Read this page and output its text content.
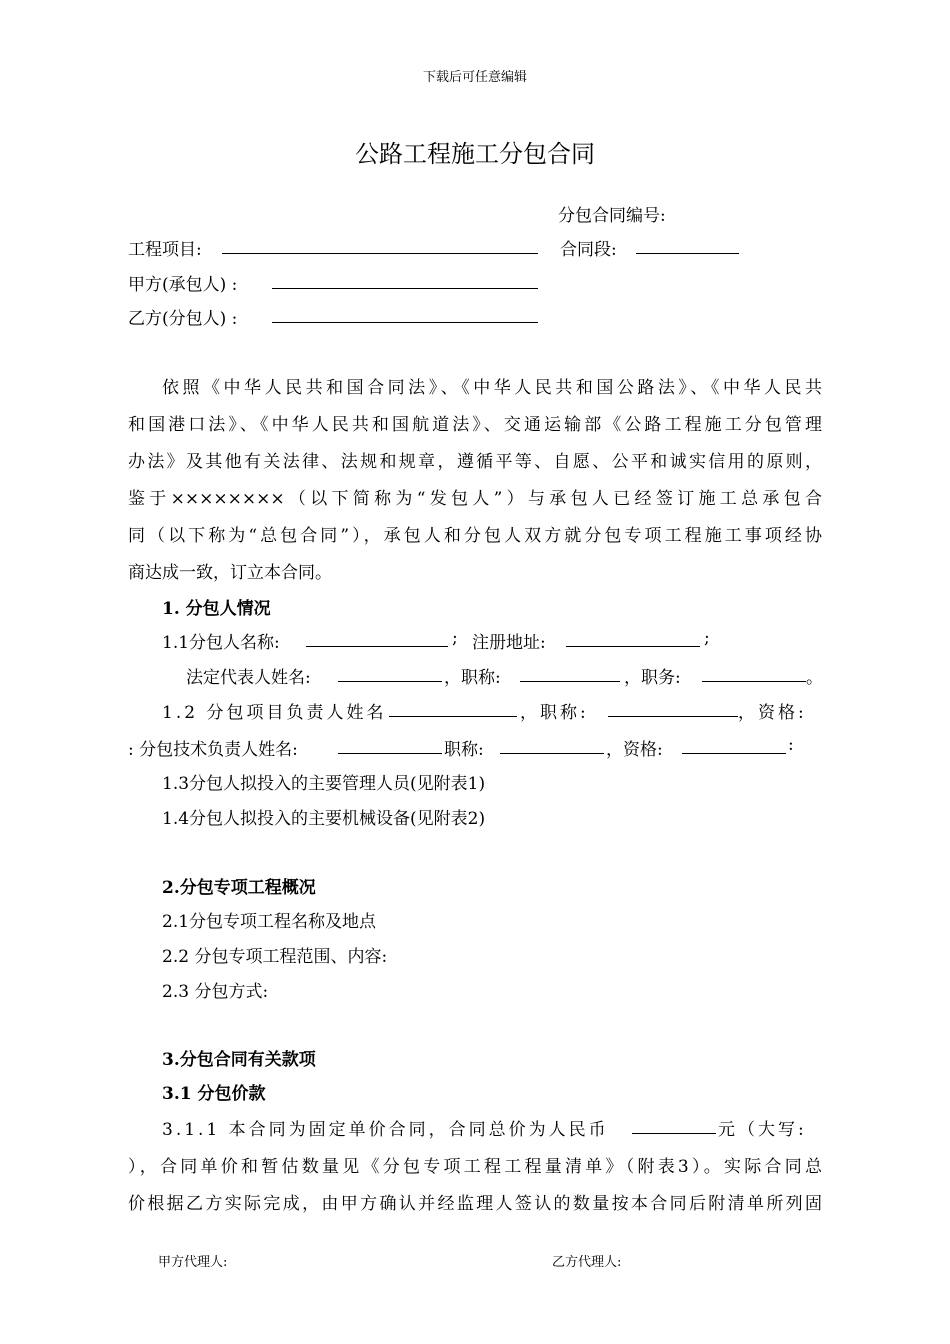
下载后可任意编辑
公路工程施工分包合同
分包合同编号:
工程项目:	合同段:
甲方(承包人) :
乙方(分包人) :
依照《中华人民共和国合同法》、《中华人民共和国公路法》、《中华人民共
和国港口法》、《中华人民共和国航道法》、交通运输部《公路工程施工分包管理
办法》及其他有关法律、法规和规章，遵循平等、自愿、公平和诚实信用的原则，
鉴于××××××××（以下简称为“发包人”）与承包人已经签订施工总承包合
同（以下称为“总包合同”），承包人和分包人双方就分包专项工程施工事项经协
商达成一致，订立本合同。
1. 分包人情况
1.1分包人名称:	; 注册地址:	;
法定代表人姓名:	，职称:	，职务:	。
1.2 分包项目负责人姓名	，职称:	，资格:
: 分包技术负责人姓名:	职称:	，资格:	:
1.3分包人拟投入的主要管理人员(见附表1)
1.4分包人拟投入的主要机械设备(见附表2)
2.分包专项工程概况
2.1分包专项工程名称及地点
2.2 分包专项工程范围、内容:
2.3 分包方式:
3.分包合同有关款项
3.1 分包价款
3.1.1 本合同为固定单价合同，合同总价为人民币	元（大写:
），合同单价和暂估数量见《分包专项工程工程量清单》（附表3）。实际合同总
价根据乙方实际完成，由甲方确认并经监理人签认的数量按本合同后附清单所列固
甲方代理人:	乙方代理人:
